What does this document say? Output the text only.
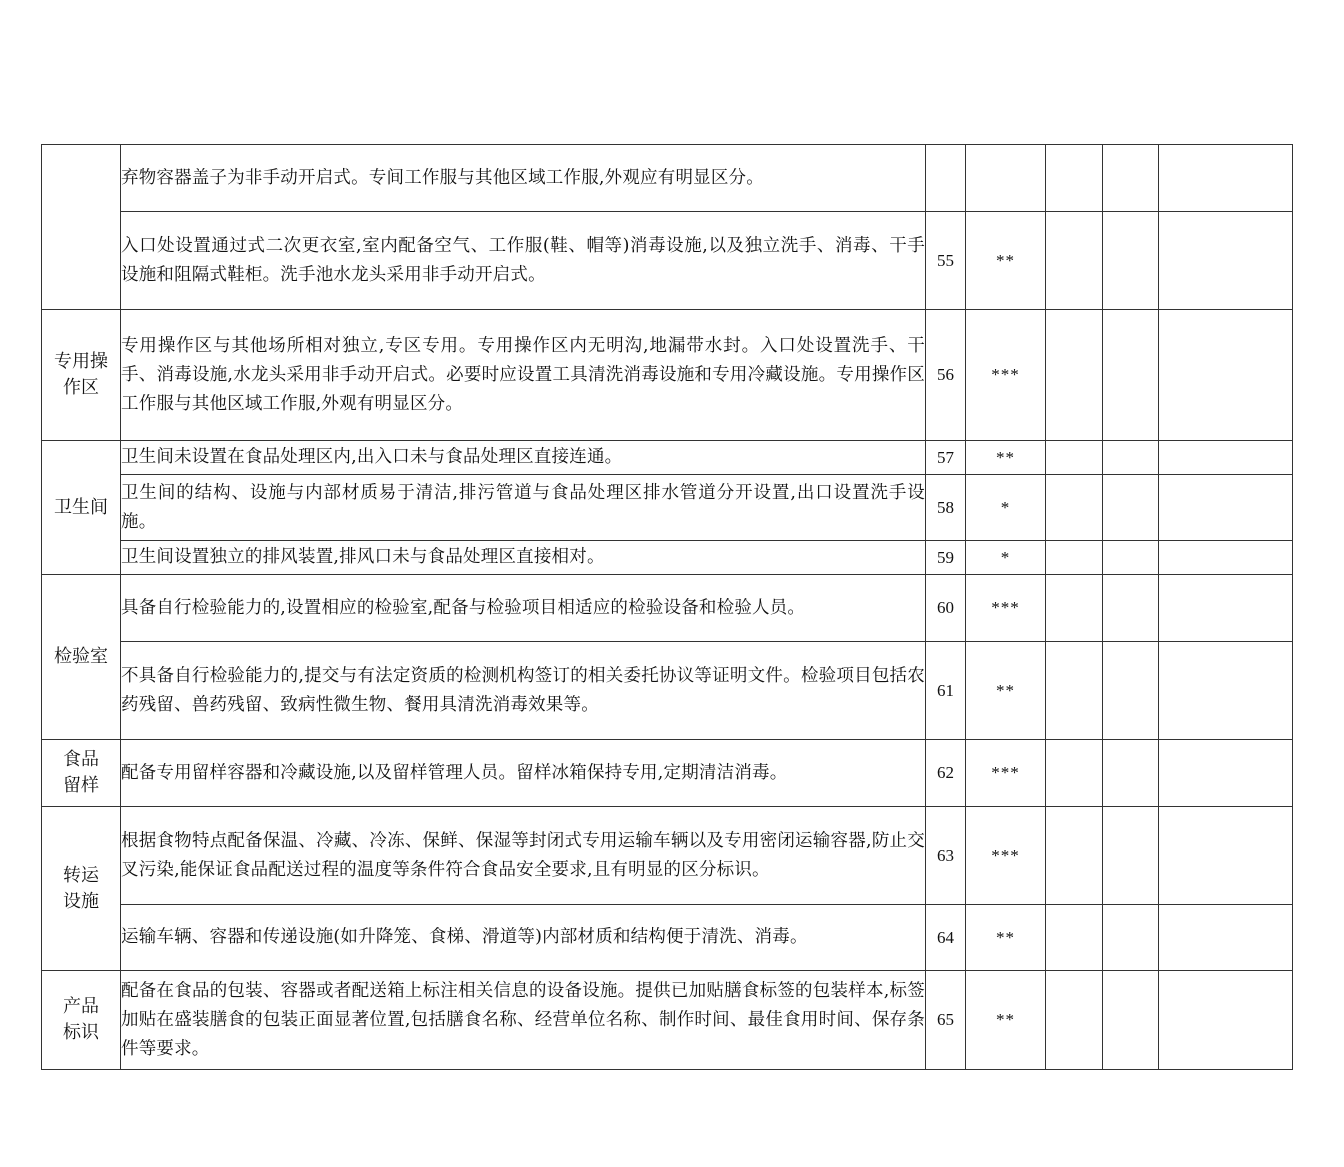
	弃物容器盖子为非手动开启式。专间工作服与其他区域工作服,外观应有明显区分。					
	入口处设置通过式二次更衣室,室内配备空气、工作服(鞋、帽等)消毒设施,以及独立洗手、消毒、干手设施和阻隔式鞋柜。洗手池水龙头采用非手动开启式。	55	**			
专用操作区	专用操作区与其他场所相对独立,专区专用。专用操作区内无明沟,地漏带水封。入口处设置洗手、干手、消毒设施,水龙头采用非手动开启式。必要时应设置工具清洗消毒设施和专用冷藏设施。专用操作区工作服与其他区域工作服,外观有明显区分。	56	***			
卫生间	卫生间未设置在食品处理区内,出入口未与食品处理区直接连通。	57	**			
	卫生间的结构、设施与内部材质易于清洁,排污管道与食品处理区排水管道分开设置,出口设置洗手设施。	58	*			
	卫生间设置独立的排风装置,排风口未与食品处理区直接相对。	59	*			
检验室	具备自行检验能力的,设置相应的检验室,配备与检验项目相适应的检验设备和检验人员。	60	***			
	不具备自行检验能力的,提交与有法定资质的检测机构签订的相关委托协议等证明文件。检验项目包括农药残留、兽药残留、致病性微生物、餐用具清洗消毒效果等。	61	**			
食品留样	配备专用留样容器和冷藏设施,以及留样管理人员。留样冰箱保持专用,定期清洁消毒。	62	***			
转运设施	根据食物特点配备保温、冷藏、冷冻、保鲜、保湿等封闭式专用运输车辆以及专用密闭运输容器,防止交叉污染,能保证食品配送过程的温度等条件符合食品安全要求,且有明显的区分标识。	63	***			
	运输车辆、容器和传递设施(如升降笼、食梯、滑道等)内部材质和结构便于清洗、消毒。	64	**			
产品标识	配备在食品的包装、容器或者配送箱上标注相关信息的设备设施。提供已加贴膳食标签的包装样本,标签加贴在盛装膳食的包装正面显著位置,包括膳食名称、经营单位名称、制作时间、最佳食用时间、保存条件等要求。	65	**			
